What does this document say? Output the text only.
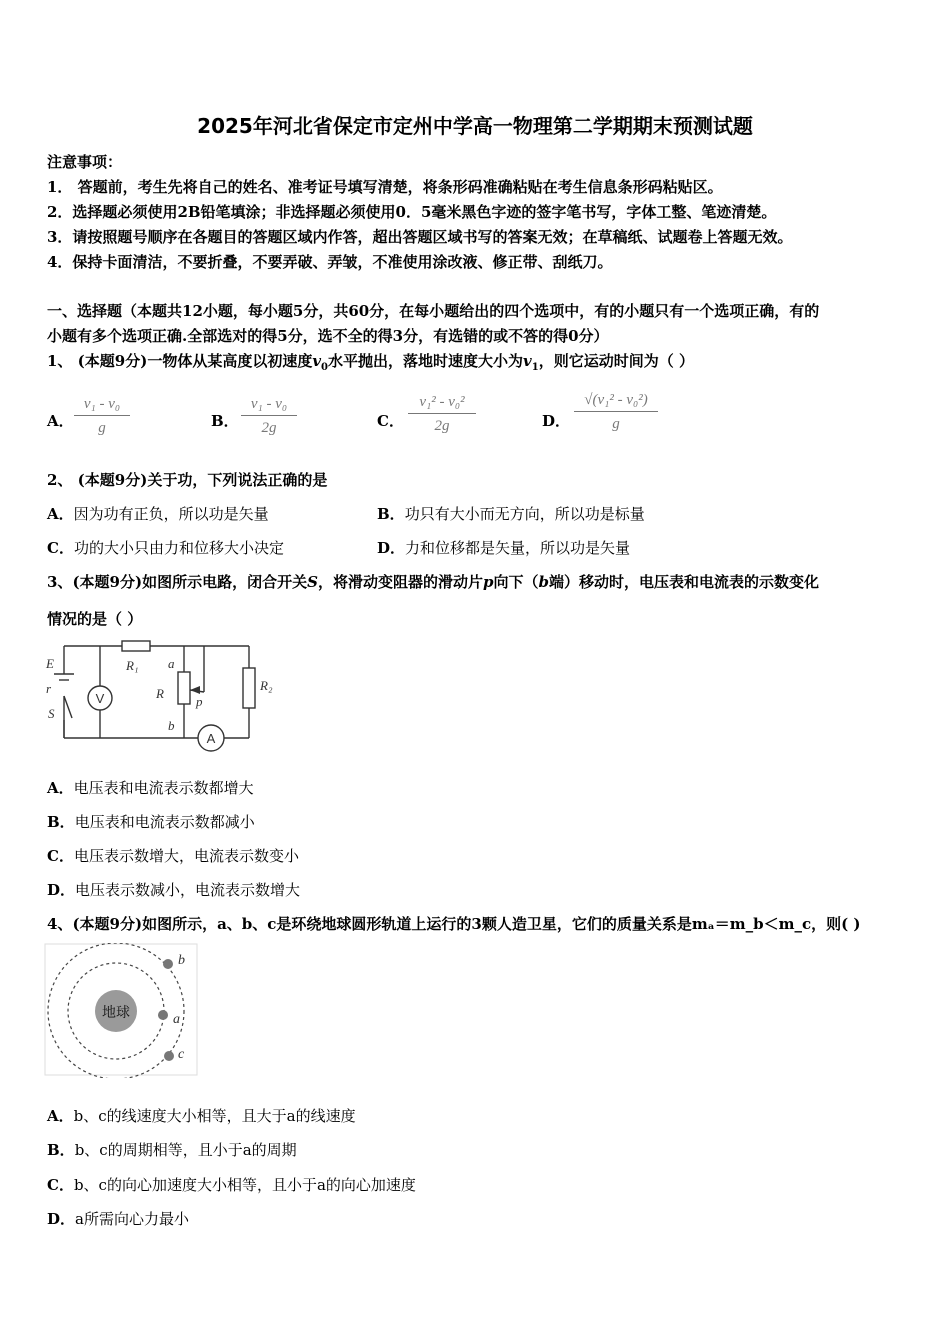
2025年河北省保定市定州中学高一物理第二学期期末预测试题
注意事项：
1． 答题前，考生先将自己的姓名、准考证号填写清楚，将条形码准确粘贴在考生信息条形码粘贴区。
2．选择题必须使用2B铅笔填涂；非选择题必须使用0．5毫米黑色字迹的签字笔书写，字体工整、笔迹清楚。
3．请按照题号顺序在各题目的答题区域内作答，超出答题区域书写的答案无效；在草稿纸、试题卷上答题无效。
4．保持卡面清洁，不要折叠，不要弄破、弄皱，不准使用涂改液、修正带、刮纸刀。
一、选择题（本题共12小题，每小题5分，共60分，在每小题给出的四个选项中，有的小题只有一个选项正确，有的
小题有多个选项正确.全部选对的得5分，选不全的得3分，有选错的或不答的得0分）
1、 (本题9分)一物体从某高度以初速度$v_0$水平抛出，落地时速度大小为$v_1$，则它运动时间为（ ）
A． $\frac{\text{v₁ - v₀}}{g}$	B． $\frac{\text{v₁ - v₀}}{2g}$	C． $\frac{\text{v₁² - v₀²}}{2g}$	D． $\frac{\text{√(v₁² - v₀²)}}{g}$
2、 (本题9分)关于功，下列说法正确的是
A．因为功有正负，所以功是矢量	B．功只有大小而无方向，所以功是标量
C．功的大小只由力和位移大小决定	D．力和位移都是矢量，所以功是矢量
3、(本题9分)如图所示电路，闭合开关S，将滑动变阻器的滑动片p向下（b端）移动时，电压表和电流表的示数变化
情况的是（ ）
E
r
S
R₁ a
R
b
p
R₂
V
A
A．电压表和电流表示数都增大
B．电压表和电流表示数都减小
C．电压表示数增大，电流表示数变小
D．电压表示数减小，电流表示数增大
4、(本题9分)如图所示，a、b、c是环绕地球圆形轨道上运行的3颗人造卫星，它们的质量关系是mₐ＝m_b＜m_c，则( )
地球
b
a
c
A．b、c的线速度大小相等，且大于a的线速度
B．b、c的周期相等，且小于a的周期
C．b、c的向心加速度大小相等，且小于a的向心加速度
D．a所需向心力最小
